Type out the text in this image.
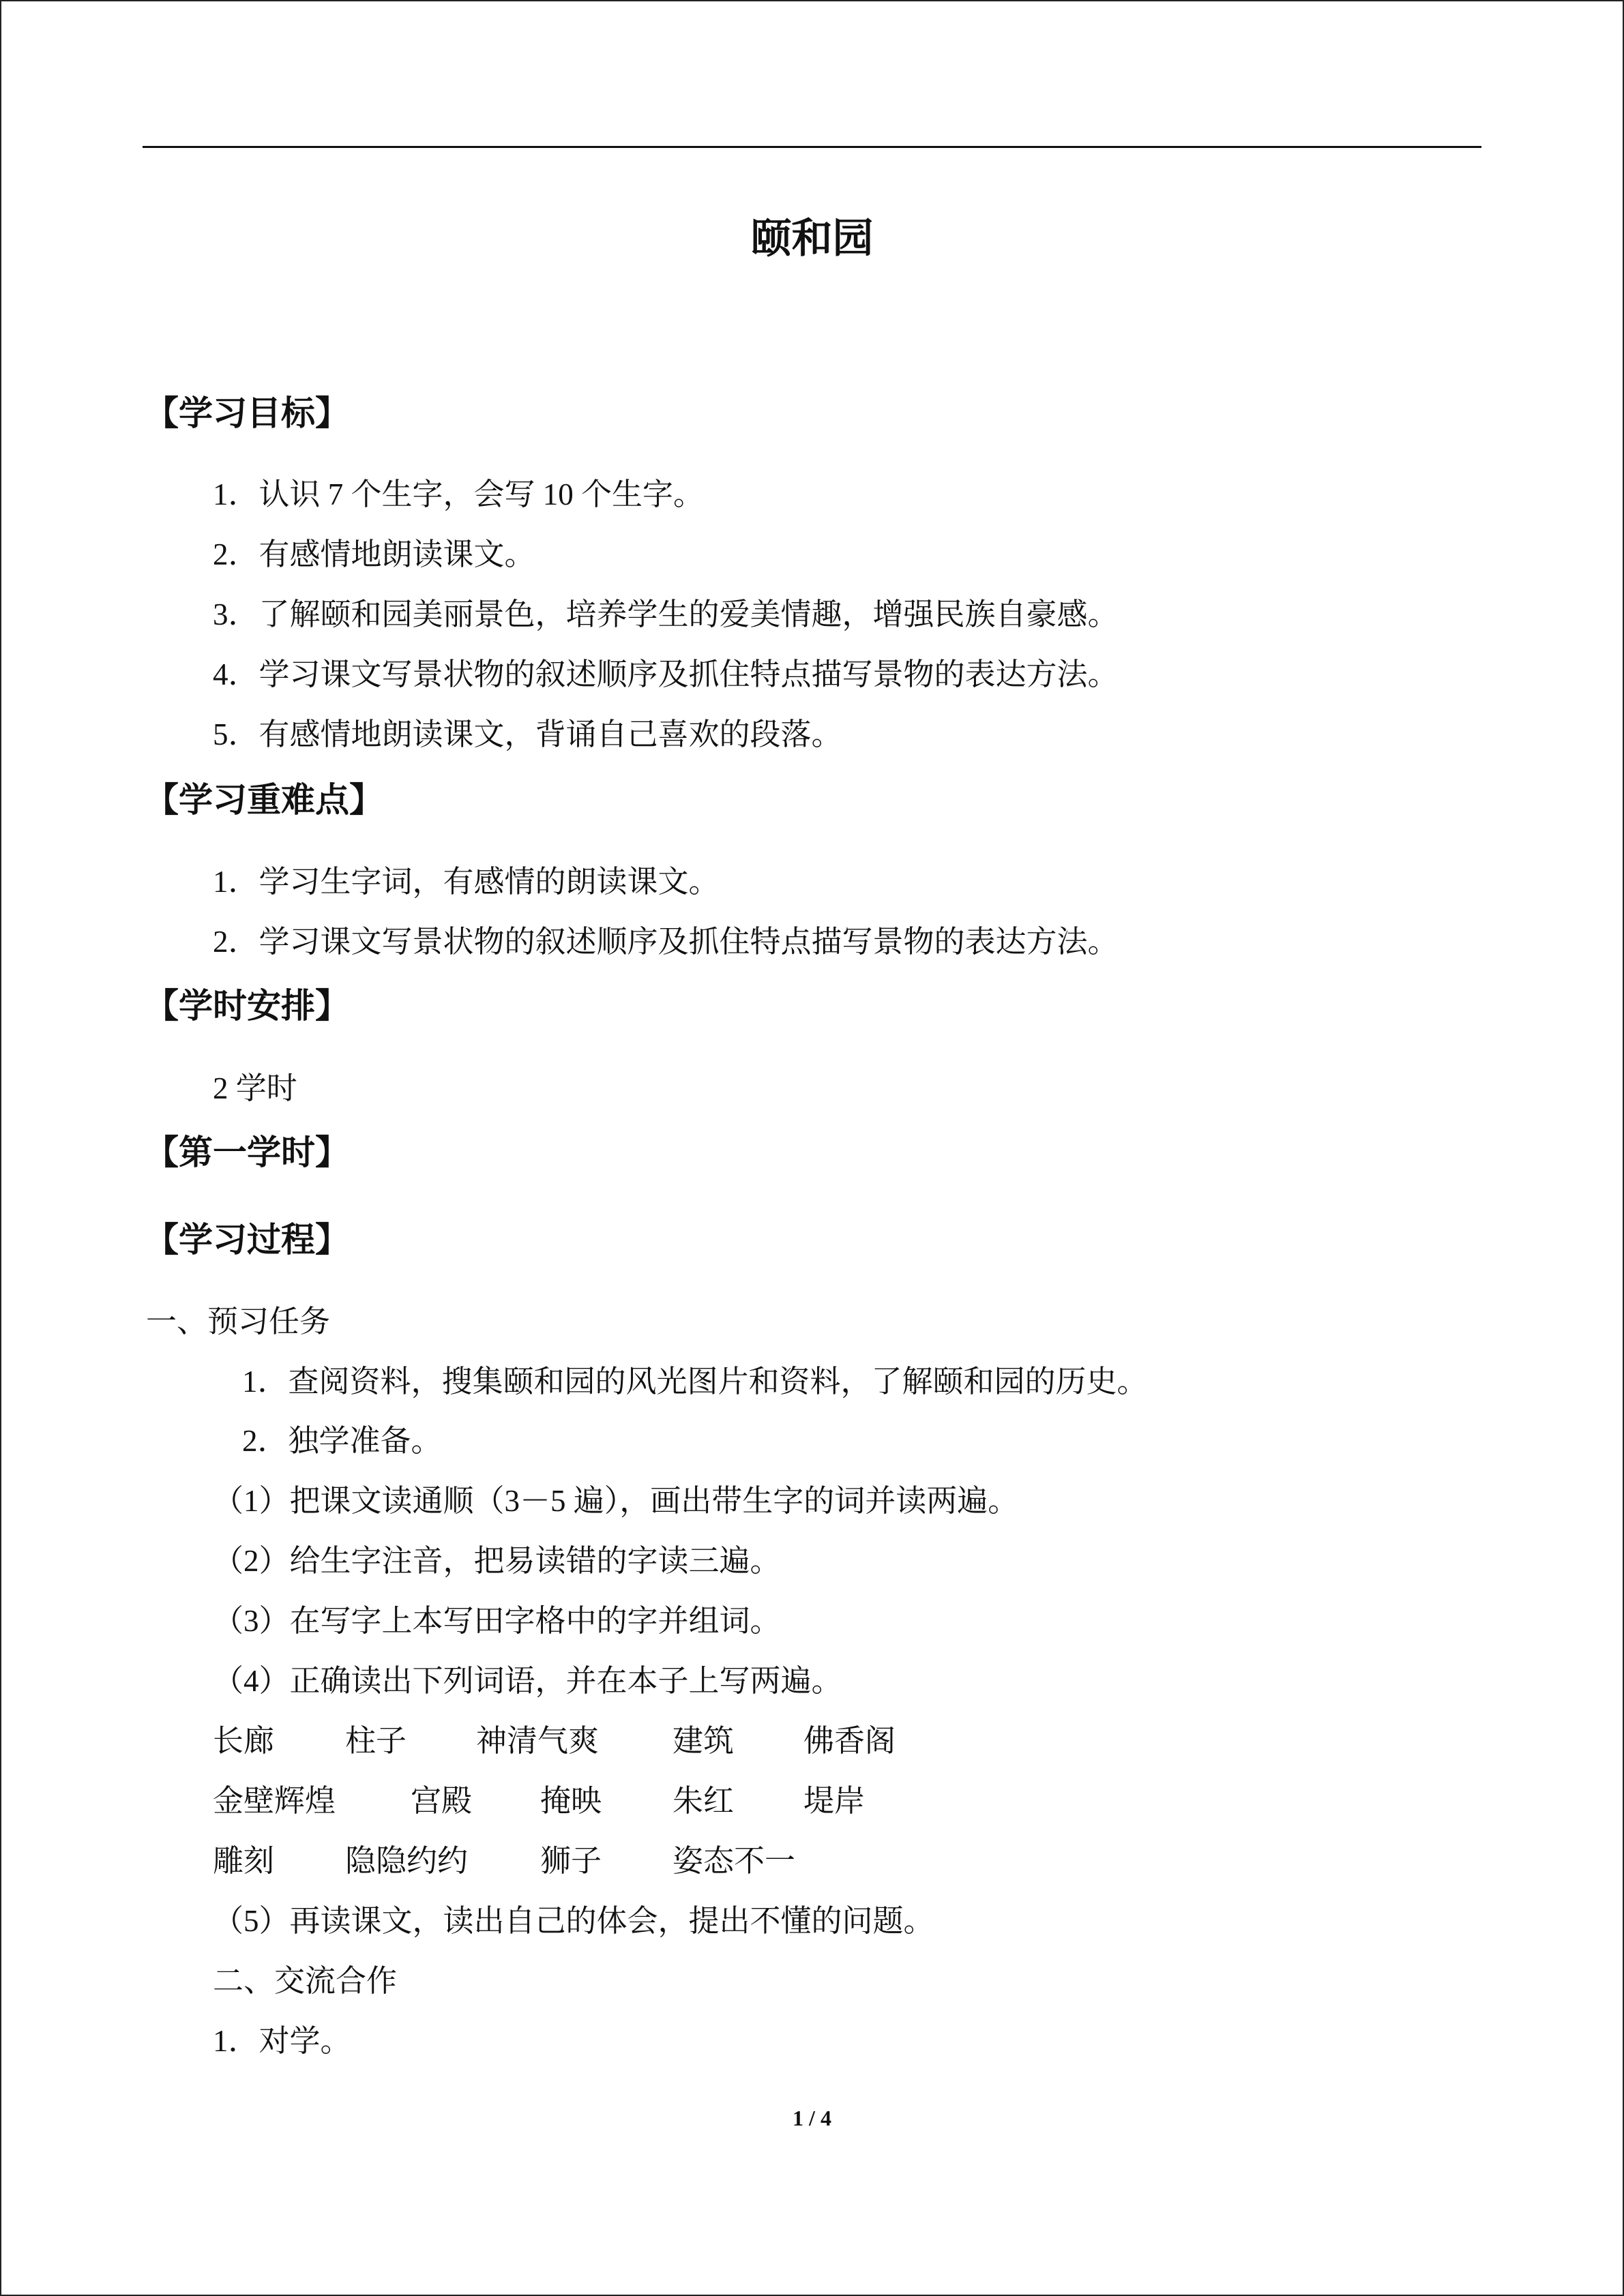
颐和园
【学习目标】
1．认识 7 个生字，会写 10 个生字。
2．有感情地朗读课文。
3．了解颐和园美丽景色，培养学生的爱美情趣，增强民族自豪感。
4．学习课文写景状物的叙述顺序及抓住特点描写景物的表达方法。
5．有感情地朗读课文，背诵自己喜欢的段落。
【学习重难点】
1．学习生字词，有感情的朗读课文。
2．学习课文写景状物的叙述顺序及抓住特点描写景物的表达方法。
【学时安排】
2 学时
【第一学时】
【学习过程】
一、预习任务
1．查阅资料，搜集颐和园的风光图片和资料，了解颐和园的历史。
2．独学准备。
（1）把课文读通顺（3－5 遍），画出带生字的词并读两遍。
（2）给生字注音，把易读错的字读三遍。
（3）在写字上本写田字格中的字并组词。
（4）正确读出下列词语，并在本子上写两遍。
长廊 柱子 神清气爽 建筑 佛香阁
金壁辉煌 宫殿 掩映 朱红 堤岸
雕刻 隐隐约约 狮子 姿态不一
（5）再读课文，读出自己的体会，提出不懂的问题。
二、交流合作
1．对学。
1 / 4
